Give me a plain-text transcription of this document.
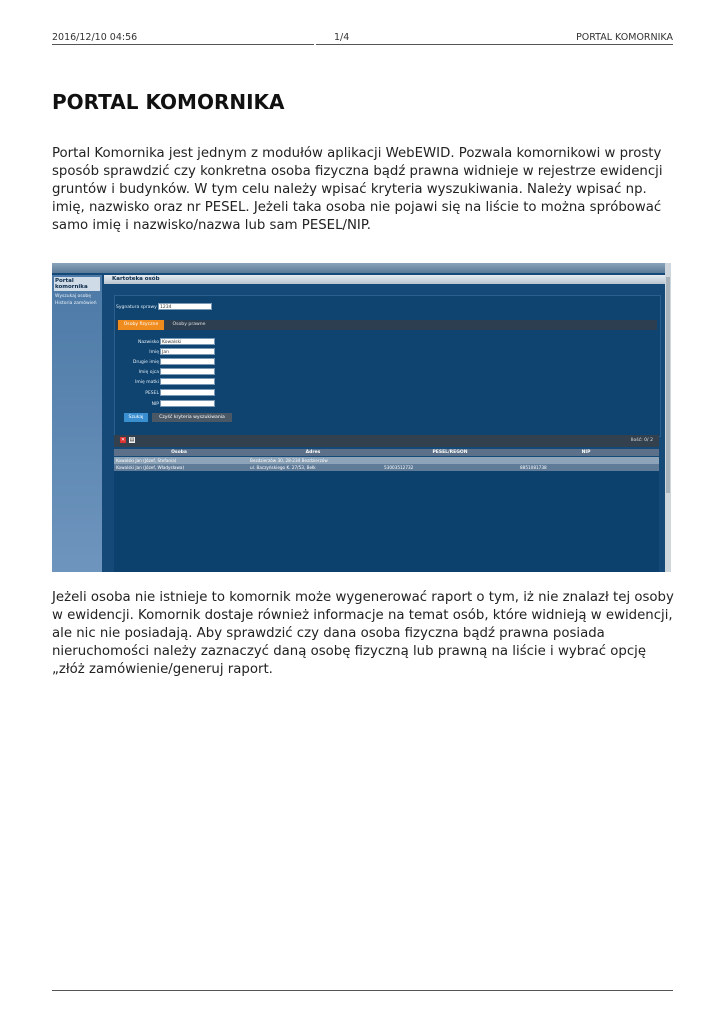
2016/12/10 04:56	1/4	PORTAL KOMORNIKA
PORTAL KOMORNIKA

Portal Komornika jest jednym z modułów aplikacji WebEWID. Pozwala komornikowi w prosty sposób sprawdzić czy konkretna osoba fizyczna bądź prawna widnieje w rejestrze ewidencji gruntów i budynków. W tym celu należy wpisać kryteria wyszukiwania. Należy wpisać np. imię, nazwisko oraz nr PESEL. Jeżeli taka osoba nie pojawi się na liście to można spróbować samo imię i nazwisko/nazwa lub sam PESEL/NIP.

Portal komornika
Wyszukaj osobę
Historia zamówień
Kartoteka osób
Sygnatura sprawy 1234
Osoby fizyczne	Osoby prawne
Nazwisko Kowalski
Imię Jan
Drugie imię
Imię ojca
Imię matki
PESEL
NIP
Szukaj	Czyść kryteria wyszukiwania
✕ ▤	Ilość: 0/ 2
Osoba	Adres	PESEL/REGON	NIP
Kowalski Jan (Józef, Stefania)	Bezdzierzów 30, 28-234 Bezdzierzów
Kowalski Jan (Józef, Władysława)	ul. Baczyńskiego K. 27/53, Bełk	53003512732	8851081738

Jeżeli osoba nie istnieje to komornik może wygenerować raport o tym, iż nie znalazł tej osoby w ewidencji. Komornik dostaje również informacje na temat osób, które widnieją w ewidencji, ale nic nie posiadają. Aby sprawdzić czy dana osoba fizyczna bądź prawna posiada nieruchomości należy zaznaczyć daną osobę fizyczną lub prawną na liście i wybrać opcję „złóż zamówienie/generuj raport.
